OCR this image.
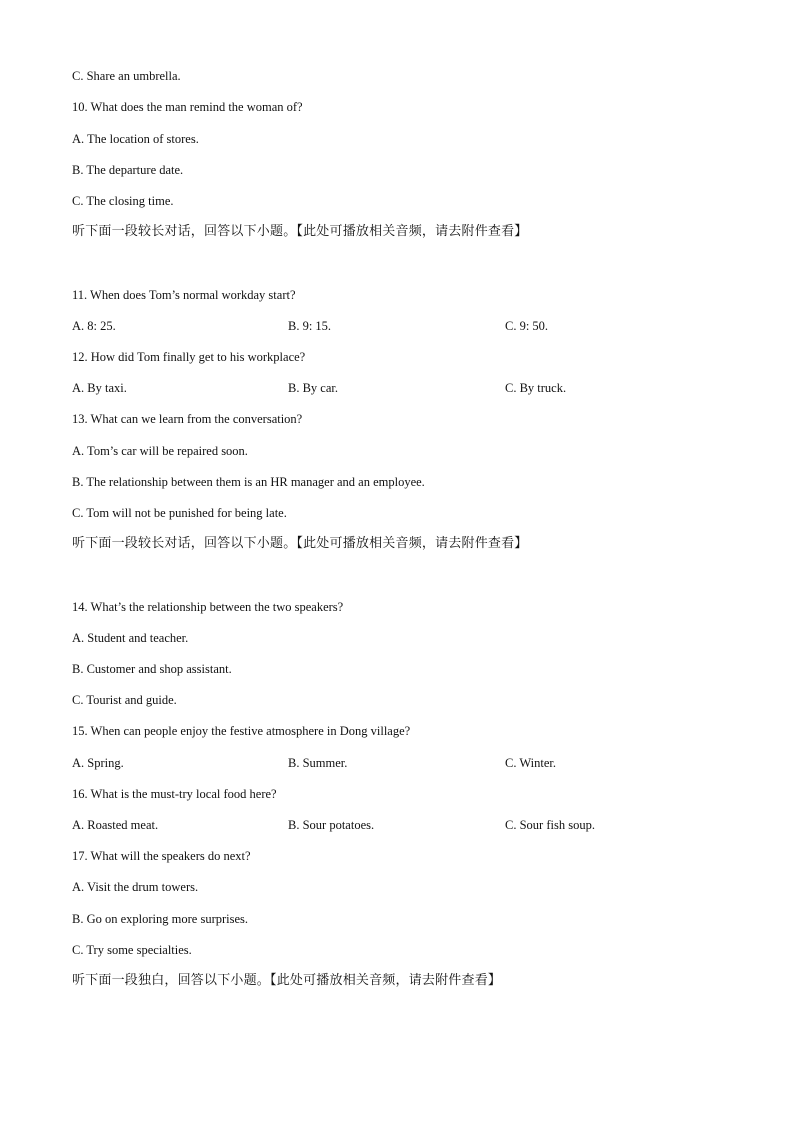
C. Share an umbrella.
10. What does the man remind the woman of?
A. The location of stores.
B. The departure date.
C. The closing time.
听下面一段较长对话，回答以下小题。【此处可播放相关音频，请去附件查看】
11. When does Tom’s normal workday start?
A. 8: 25.	B. 9: 15.	C. 9: 50.
12. How did Tom finally get to his workplace?
A. By taxi.	B. By car.	C. By truck.
13. What can we learn from the conversation?
A. Tom’s car will be repaired soon.
B. The relationship between them is an HR manager and an employee.
C. Tom will not be punished for being late.
听下面一段较长对话，回答以下小题。【此处可播放相关音频，请去附件查看】
14. What’s the relationship between the two speakers?
A. Student and teacher.
B. Customer and shop assistant.
C. Tourist and guide.
15. When can people enjoy the festive atmosphere in Dong village?
A. Spring.	B. Summer.	C. Winter.
16. What is the must-try local food here?
A. Roasted meat.	B. Sour potatoes.	C. Sour fish soup.
17. What will the speakers do next?
A. Visit the drum towers.
B. Go on exploring more surprises.
C. Try some specialties.
听下面一段独白，回答以下小题。【此处可播放相关音频，请去附件查看】
